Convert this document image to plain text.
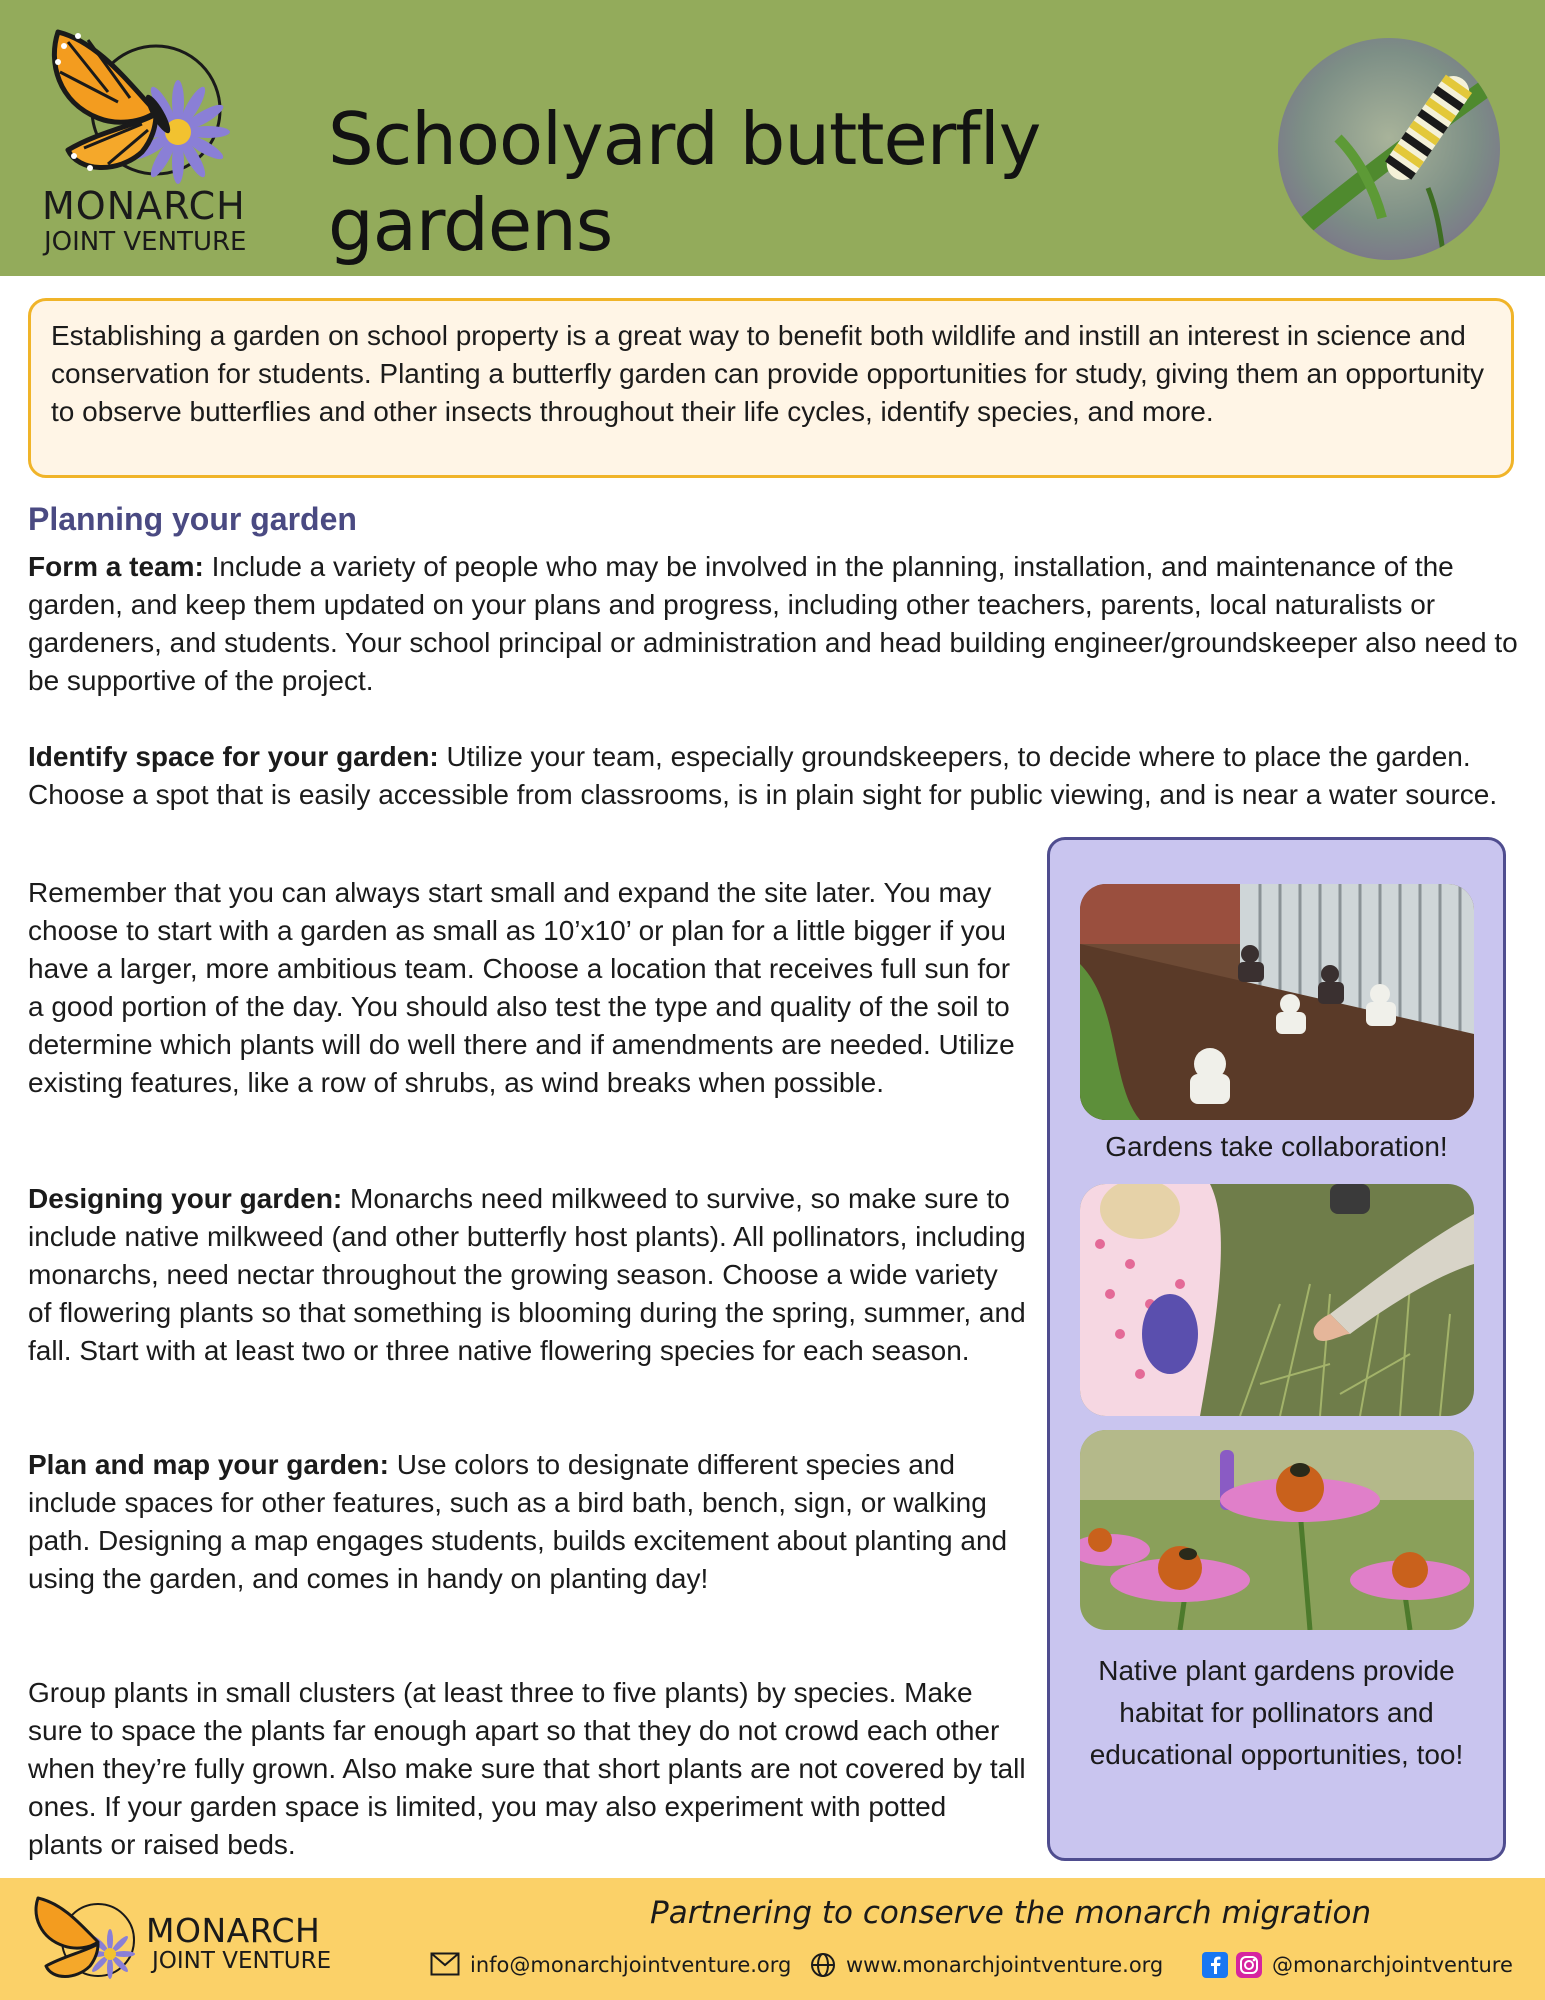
MONARCH
JOINT VENTURE
Schoolyard butterfly gardens

Establishing a garden on school property is a great way to benefit both wildlife and instill an interest in science and conservation for students. Planting a butterfly garden can provide opportunities for study, giving them an opportunity to observe butterflies and other insects throughout their life cycles, identify species, and more.

Planning your garden

Form a team: Include a variety of people who may be involved in the planning, installation, and maintenance of the garden, and keep them updated on your plans and progress, including other teachers, parents, local naturalists or gardeners, and students. Your school principal or administration and head building engineer/groundskeeper also need to be supportive of the project.

Identify space for your garden: Utilize your team, especially groundskeepers, to decide where to place the garden. Choose a spot that is easily accessible from classrooms, is in plain sight for public viewing, and is near a water source.

Remember that you can always start small and expand the site later. You may choose to start with a garden as small as 10’x10’ or plan for a little bigger if you have a larger, more ambitious team. Choose a location that receives full sun for a good portion of the day. You should also test the type and quality of the soil to determine which plants will do well there and if amendments are needed. Utilize existing features, like a row of shrubs, as wind breaks when possible.

Designing your garden: Monarchs need milkweed to survive, so make sure to include native milkweed (and other butterfly host plants). All pollinators, including monarchs, need nectar throughout the growing season. Choose a wide variety of flowering plants so that something is blooming during the spring, summer, and fall. Start with at least two or three native flowering species for each season.

Plan and map your garden: Use colors to designate different species and include spaces for other features, such as a bird bath, bench, sign, or walking path. Designing a map engages students, builds excitement about planting and using the garden, and comes in handy on planting day!

Group plants in small clusters (at least three to five plants) by species. Make sure to space the plants far enough apart so that they do not crowd each other when they’re fully grown. Also make sure that short plants are not covered by tall ones. If your garden space is limited, you may also experiment with potted plants or raised beds.

Gardens take collaboration!
Native plant gardens provide habitat for pollinators and educational opportunities, too!
MONARCH
JOINT VENTURE
Partnering to conserve the monarch migration
info@monarchjointventure.org	www.monarchjointventure.org	@monarchjointventure
